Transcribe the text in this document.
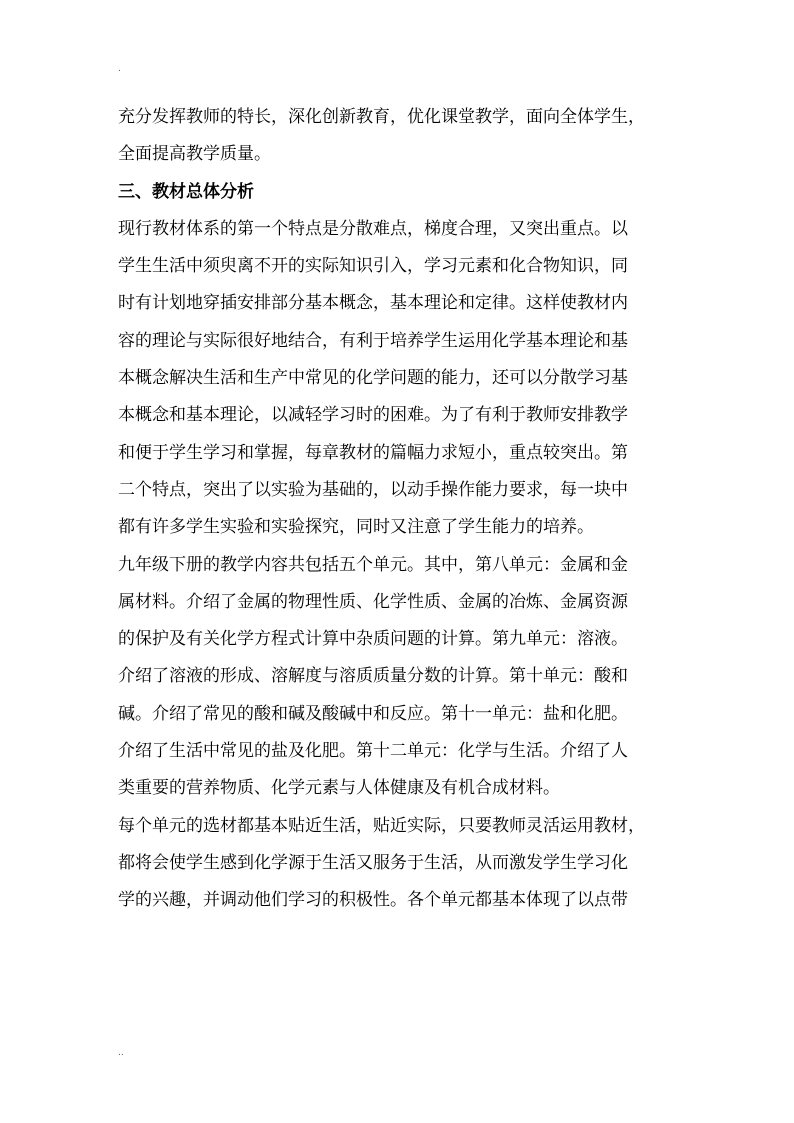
.

充分发挥教师的特长，深化创新教育，优化课堂教学，面向全体学生，
全面提高教学质量。

三、教材总体分析

现行教材体系的第一个特点是分散难点，梯度合理，又突出重点。以
学生生活中须臾离不开的实际知识引入，学习元素和化合物知识，同
时有计划地穿插安排部分基本概念，基本理论和定律。这样使教材内
容的理论与实际很好地结合，有利于培养学生运用化学基本理论和基
本概念解决生活和生产中常见的化学问题的能力，还可以分散学习基
本概念和基本理论，以减轻学习时的困难。为了有利于教师安排教学
和便于学生学习和掌握，每章教材的篇幅力求短小，重点较突出。第
二个特点，突出了以实验为基础的，以动手操作能力要求，每一块中
都有许多学生实验和实验探究，同时又注意了学生能力的培养。

九年级下册的教学内容共包括五个单元。其中，第八单元：金属和金
属材料。介绍了金属的物理性质、化学性质、金属的冶炼、金属资源
的保护及有关化学方程式计算中杂质问题的计算。第九单元：溶液。
介绍了溶液的形成、溶解度与溶质质量分数的计算。第十单元：酸和
碱。介绍了常见的酸和碱及酸碱中和反应。第十一单元：盐和化肥。
介绍了生活中常见的盐及化肥。第十二单元：化学与生活。介绍了人
类重要的营养物质、化学元素与人体健康及有机合成材料。

每个单元的选材都基本贴近生活，贴近实际，只要教师灵活运用教材，
都将会使学生感到化学源于生活又服务于生活，从而激发学生学习化
学的兴趣，并调动他们学习的积极性。各个单元都基本体现了以点带

..
